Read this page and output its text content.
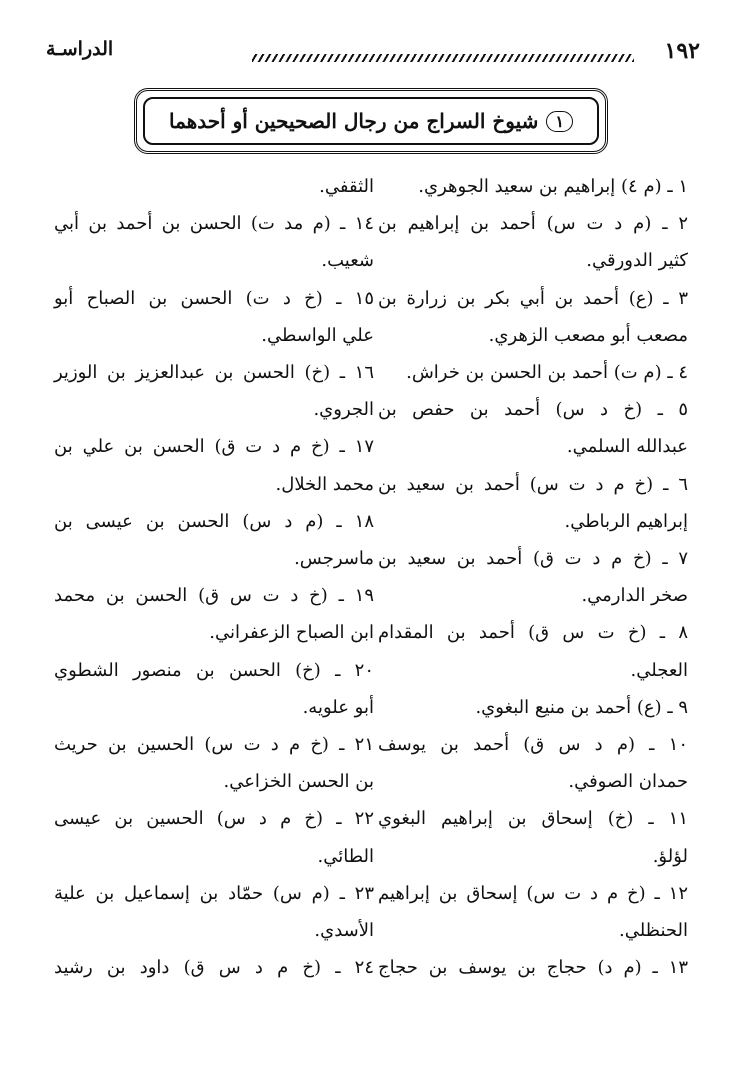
١٩٢
الدراسـة
١
شيوخ السراج من رجال الصحيحين أو أحدهما
١ ـ (م ٤) إبراهيم بن سعيد الجوهري.
٢ ـ (م د ت س) أحمد بن إبراهيم بن
كثير الدورقي.
٣ ـ (ع) أحمد بن أبي بكر بن زرارة بن
مصعب أبو مصعب الزهري.
٤ ـ (م ت) أحمد بن الحسن بن خراش.
٥ ـ (خ د س) أحمد بن حفص بن
عبدالله السلمي.
٦ ـ (خ م د ت س) أحمد بن سعيد بن
إبراهيم الرباطي.
٧ ـ (خ م د ت ق) أحمد بن سعيد بن
صخر الدارمي.
٨ ـ (خ ت س ق) أحمد بن المقدام
العجلي.
٩ ـ (ع) أحمد بن منيع البغوي.
١٠ ـ (م د س ق) أحمد بن يوسف
حمدان الصوفي.
١١ ـ (خ) إسحاق بن إبراهيم البغوي
لؤلؤ.
١٢ ـ (خ م د ت س) إسحاق بن إبراهيم
الحنظلي.
١٣ ـ (م د) حجاج بن يوسف بن حجاج
الثقفي.
١٤ ـ (م مد ت) الحسن بن أحمد بن أبي
شعيب.
١٥ ـ (خ د ت) الحسن بن الصباح أبو
علي الواسطي.
١٦ ـ (خ) الحسن بن عبدالعزيز بن الوزير
الجروي.
١٧ ـ (خ م د ت ق) الحسن بن علي بن
محمد الخلال.
١٨ ـ (م د س) الحسن بن عيسى بن
ماسرجس.
١٩ ـ (خ د ت س ق) الحسن بن محمد
ابن الصباح الزعفراني.
٢٠ ـ (خ) الحسن بن منصور الشطوي
أبو علويه.
٢١ ـ (خ م د ت س) الحسين بن حريث
بن الحسن الخزاعي.
٢٢ ـ (خ م د س) الحسين بن عيسى
الطائي.
٢٣ ـ (م س) حمّاد بن إسماعيل بن علية
الأسدي.
٢٤ ـ (خ م د س ق) داود بن رشيد
